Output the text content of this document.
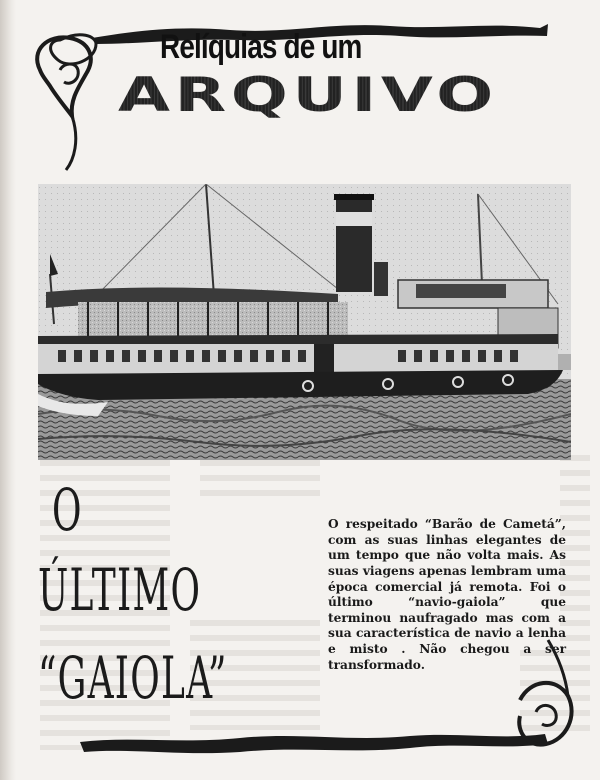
Relíquias de um
ARQUIVO
O
ÚLTIMO
“GAIOLA”

O respeitado “Barão de Cametá”, com as suas linhas elegantes de um tempo que não volta mais. As suas viagens apenas lembram uma época comercial já remota. Foi o último “navio-gaiola” que terminou naufragado mas com a sua característica de navio a lenha e misto . Não chegou a ser transformado.
